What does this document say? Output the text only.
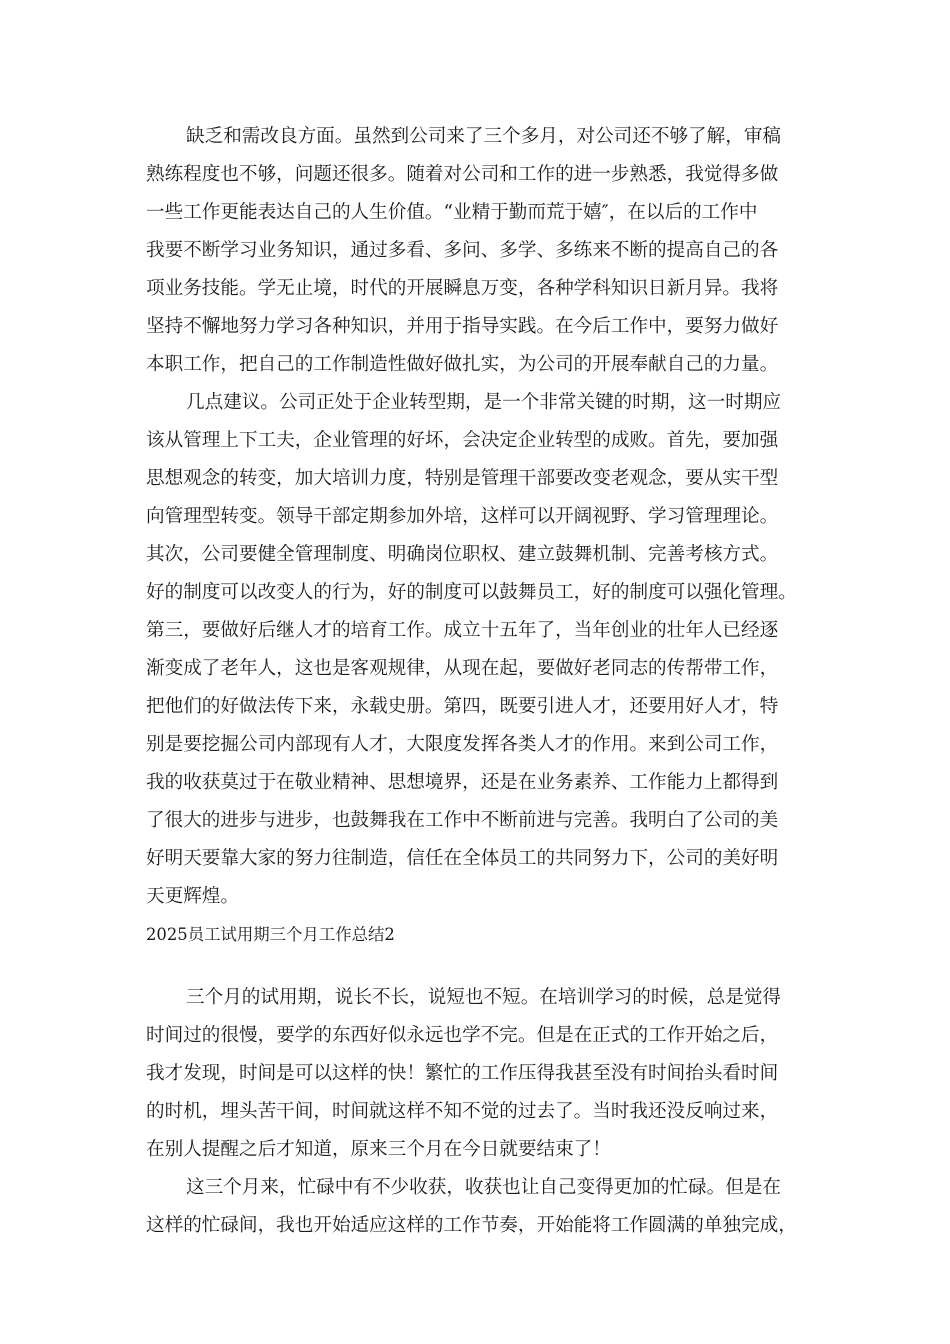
缺乏和需改良方面。虽然到公司来了三个多月，对公司还不够了解，审稿
熟练程度也不够，问题还很多。随着对公司和工作的进一步熟悉，我觉得多做
一些工作更能表达自己的人生价值。“业精于勤而荒于嬉″，在以后的工作中
我要不断学习业务知识，通过多看、多问、多学、多练来不断的提高自己的各
项业务技能。学无止境，时代的开展瞬息万变，各种学科知识日新月异。我将
坚持不懈地努力学习各种知识，并用于指导实践。在今后工作中，要努力做好
本职工作，把自己的工作制造性做好做扎实，为公司的开展奉献自己的力量。
几点建议。公司正处于企业转型期，是一个非常关键的时期，这一时期应
该从管理上下工夫，企业管理的好坏，会决定企业转型的成败。首先，要加强
思想观念的转变，加大培训力度，特别是管理干部要改变老观念，要从实干型
向管理型转变。领导干部定期参加外培，这样可以开阔视野、学习管理理论。
其次，公司要健全管理制度、明确岗位职权、建立鼓舞机制、完善考核方式。
好的制度可以改变人的行为，好的制度可以鼓舞员工，好的制度可以强化管理。
第三，要做好后继人才的培育工作。成立十五年了，当年创业的壮年人已经逐
渐变成了老年人，这也是客观规律，从现在起，要做好老同志的传帮带工作，
把他们的好做法传下来，永载史册。第四，既要引进人才，还要用好人才，特
别是要挖掘公司内部现有人才，大限度发挥各类人才的作用。来到公司工作，
我的收获莫过于在敬业精神、思想境界，还是在业务素养、工作能力上都得到
了很大的进步与进步，也鼓舞我在工作中不断前进与完善。我明白了公司的美
好明天要靠大家的努力往制造，信任在全体员工的共同努力下，公司的美好明
天更辉煌。
2025员工试用期三个月工作总结2
三个月的试用期，说长不长，说短也不短。在培训学习的时候，总是觉得
时间过的很慢，要学的东西好似永远也学不完。但是在正式的工作开始之后，
我才发现，时间是可以这样的快！繁忙的工作压得我甚至没有时间抬头看时间
的时机，埋头苦干间，时间就这样不知不觉的过去了。当时我还没反响过来，
在别人提醒之后才知道，原来三个月在今日就要结束了！
这三个月来，忙碌中有不少收获，收获也让自己变得更加的忙碌。但是在
这样的忙碌间，我也开始适应这样的工作节奏，开始能将工作圆满的单独完成，
